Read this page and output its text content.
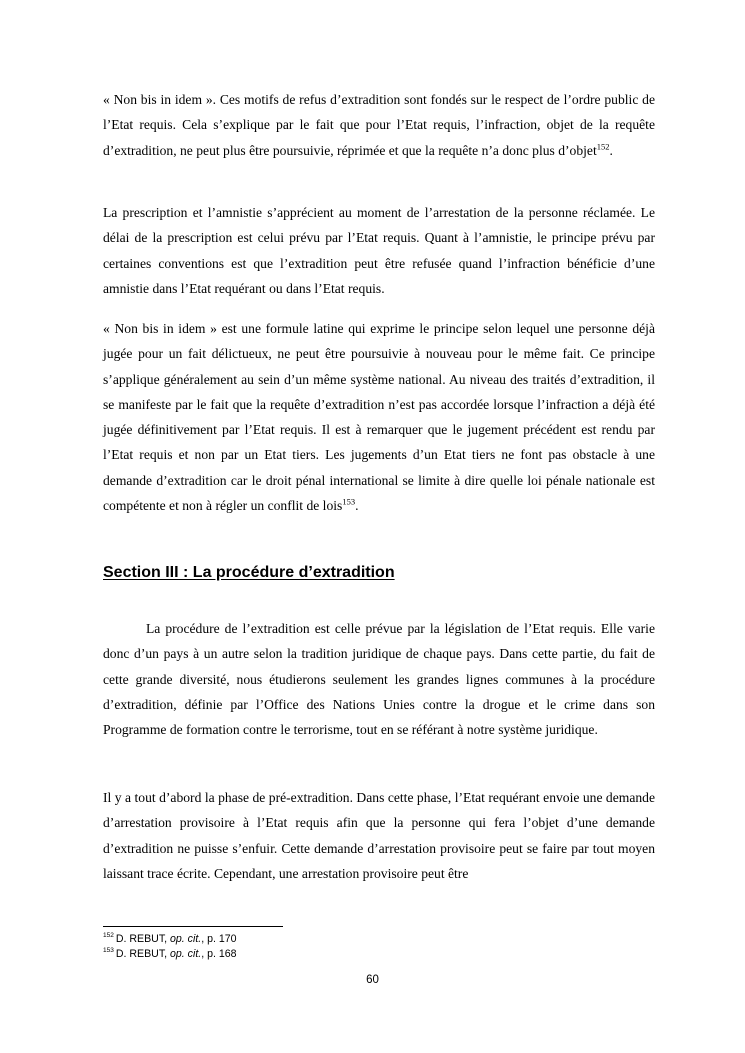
« Non bis in idem ». Ces motifs de refus d’extradition sont fondés sur le respect de l’ordre public de l’Etat requis. Cela s’explique par le fait que pour l’Etat requis, l’infraction, objet de la requête d’extradition, ne peut plus être poursuivie, réprimée et que la requête n’a donc plus d’objet$^{152}$.

La prescription et l’amnistie s’apprécient au moment de l’arrestation de la personne réclamée. Le délai de la prescription est celui prévu par l’Etat requis. Quant à l’amnistie, le principe prévu par certaines conventions est que l’extradition peut être refusée quand l’infraction bénéficie d’une amnistie dans l’Etat requérant ou dans l’Etat requis.

« Non bis in idem » est une formule latine qui exprime le principe selon lequel une personne déjà jugée pour un fait délictueux, ne peut être poursuivie à nouveau pour le même fait. Ce principe s’applique généralement au sein d’un même système national. Au niveau des traités d’extradition, il se manifeste par le fait que la requête d’extradition n’est pas accordée lorsque l’infraction a déjà été jugée définitivement par l’Etat requis. Il est à remarquer que le jugement précédent est rendu par l’Etat requis et non par un Etat tiers. Les jugements d’un Etat tiers ne font pas obstacle à une demande d’extradition car le droit pénal international se limite à dire quelle loi pénale nationale est compétente et non à régler un conflit de lois$^{153}$.

Section III : La procédure d’extradition

La procédure de l’extradition est celle prévue par la législation de l’Etat requis. Elle varie donc d’un pays à un autre selon la tradition juridique de chaque pays. Dans cette partie, du fait de cette grande diversité, nous étudierons seulement les grandes lignes communes à la procédure d’extradition, définie par l’Office des Nations Unies contre la drogue et le crime dans son Programme de formation contre le terrorisme, tout en se référant à notre système juridique.

Il y a tout d’abord la phase de pré-extradition. Dans cette phase, l’Etat requérant envoie une demande d’arrestation provisoire à l’Etat requis afin que la personne qui fera l’objet d’une demande d’extradition ne puisse s’enfuir. Cette demande d’arrestation provisoire peut se faire par tout moyen laissant trace écrite. Cependant, une arrestation provisoire peut être

$^{152}$ D. REBUT, op. cit., p. 170
$^{153}$ D. REBUT, op. cit., p. 168
60
